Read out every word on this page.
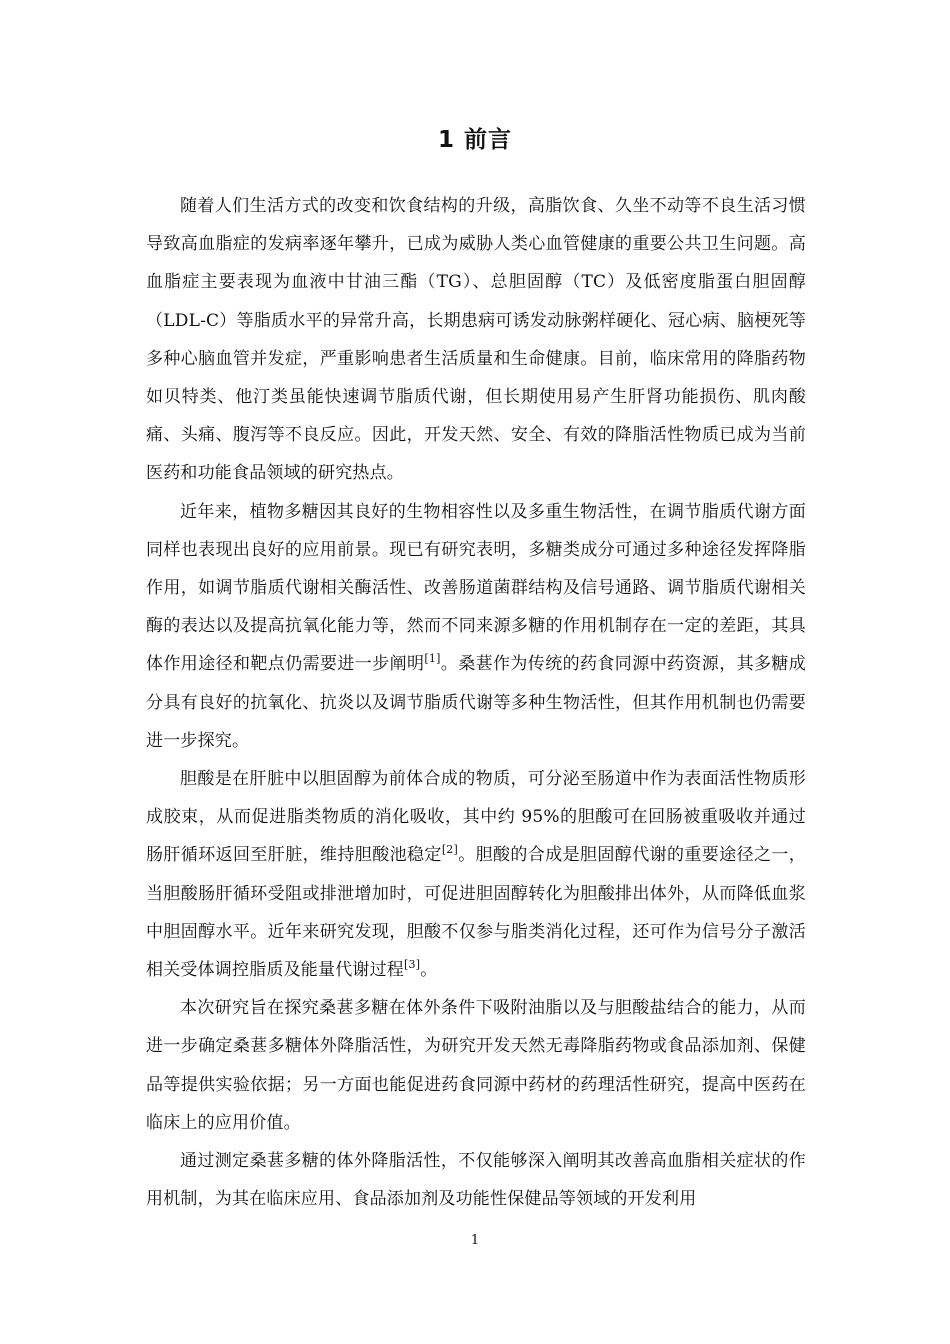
1 前言

随着人们生活方式的改变和饮食结构的升级，高脂饮食、久坐不动等不良生活习惯导致高血脂症的发病率逐年攀升，已成为威胁人类心血管健康的重要公共卫生问题。高血脂症主要表现为血液中甘油三酯（TG）、总胆固醇（TC）及低密度脂蛋白胆固醇（LDL-C）等脂质水平的异常升高，长期患病可诱发动脉粥样硬化、冠心病、脑梗死等多种心脑血管并发症，严重影响患者生活质量和生命健康。目前，临床常用的降脂药物如贝特类、他汀类虽能快速调节脂质代谢，但长期使用易产生肝肾功能损伤、肌肉酸痛、头痛、腹泻等不良反应。因此，开发天然、安全、有效的降脂活性物质已成为当前医药和功能食品领域的研究热点。

近年来，植物多糖因其良好的生物相容性以及多重生物活性，在调节脂质代谢方面同样也表现出良好的应用前景。现已有研究表明，多糖类成分可通过多种途径发挥降脂作用，如调节脂质代谢相关酶活性、改善肠道菌群结构及信号通路、调节脂质代谢相关酶的表达以及提高抗氧化能力等，然而不同来源多糖的作用机制存在一定的差距，其具体作用途径和靶点仍需要进一步阐明[1]。桑葚作为传统的药食同源中药资源，其多糖成分具有良好的抗氧化、抗炎以及调节脂质代谢等多种生物活性，但其作用机制也仍需要进一步探究。

胆酸是在肝脏中以胆固醇为前体合成的物质，可分泌至肠道中作为表面活性物质形成胶束，从而促进脂类物质的消化吸收，其中约 95%的胆酸可在回肠被重吸收并通过肠肝循环返回至肝脏，维持胆酸池稳定[2]。胆酸的合成是胆固醇代谢的重要途径之一，当胆酸肠肝循环受阻或排泄增加时，可促进胆固醇转化为胆酸排出体外，从而降低血浆中胆固醇水平。近年来研究发现，胆酸不仅参与脂类消化过程，还可作为信号分子激活相关受体调控脂质及能量代谢过程[3]。

本次研究旨在探究桑葚多糖在体外条件下吸附油脂以及与胆酸盐结合的能力，从而进一步确定桑葚多糖体外降脂活性，为研究开发天然无毒降脂药物或食品添加剂、保健品等提供实验依据；另一方面也能促进药食同源中药材的药理活性研究，提高中医药在临床上的应用价值。

通过测定桑葚多糖的体外降脂活性，不仅能够深入阐明其改善高血脂相关症状的作用机制，为其在临床应用、食品添加剂及功能性保健品等领域的开发利用

1
